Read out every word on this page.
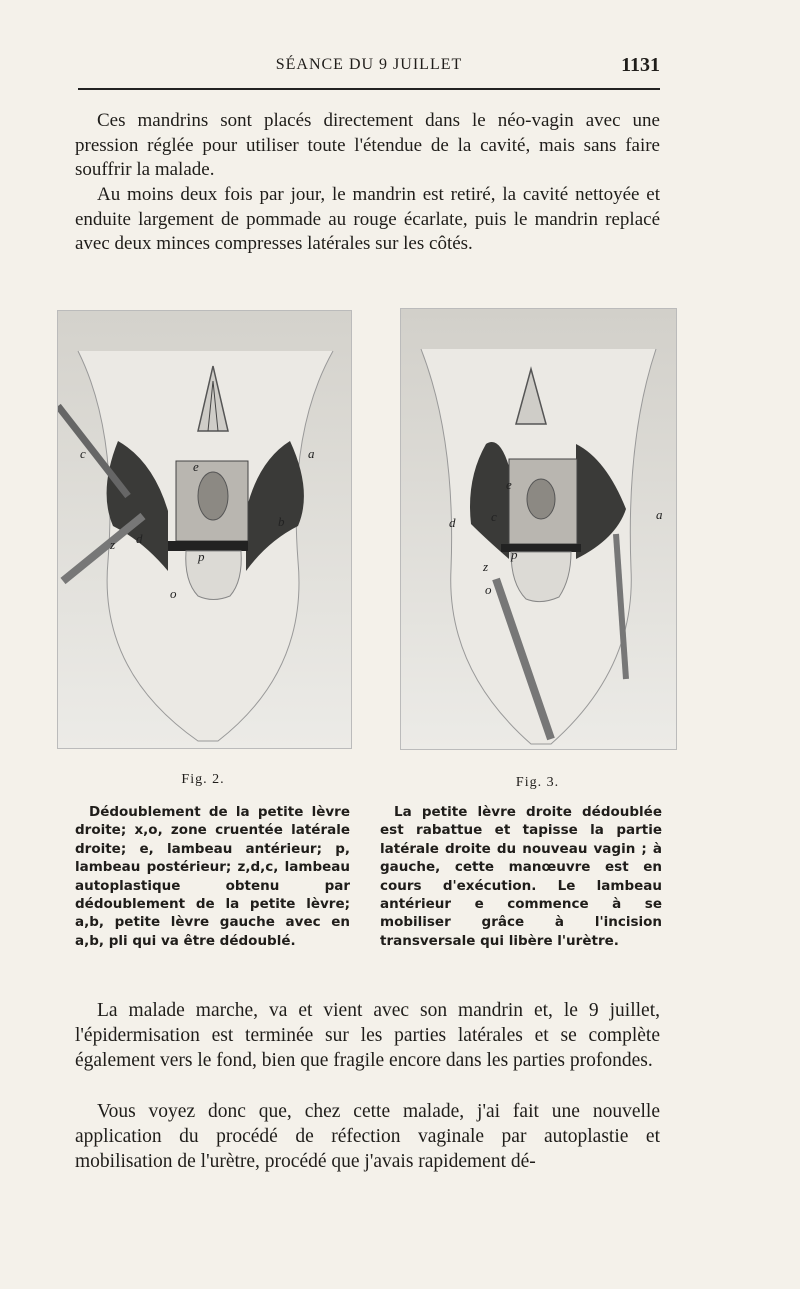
SÉANCE DU 9 JUILLET	1131

Ces mandrins sont placés directement dans le néo-vagin avec une pression réglée pour utiliser toute l'étendue de la cavité, mais sans faire souffrir la malade.

Au moins deux fois par jour, le mandrin est retiré, la cavité nettoyée et enduite largement de pommade au rouge écarlate, puis le mandrin replacé avec deux minces compresses latérales sur les côtés.

c	a
e
b
d
z
p
o
e
d	c	a
p
z
o
Fig. 2.	Fig. 3.

Dédoublement de la petite lèvre droite; x,o, zone cruentée latérale droite; e, lambeau antérieur; p, lambeau postérieur; z,d,c, lambeau autoplastique obtenu par dédoublement de la petite lèvre; a,b, petite lèvre gauche avec en a,b, pli qui va être dédoublé.

La petite lèvre droite dédoublée est rabattue et tapisse la partie latérale droite du nouveau vagin ; à gauche, cette manœuvre est en cours d'exécution. Le lambeau antérieur e commence à se mobiliser grâce à l'incision transversale qui libère l'urètre.

La malade marche, va et vient avec son mandrin et, le 9 juillet, l'épidermisation est terminée sur les parties latérales et se complète également vers le fond, bien que fragile encore dans les parties profondes.

Vous voyez donc que, chez cette malade, j'ai fait une nouvelle application du procédé de réfection vaginale par autoplastie et mobilisation de l'urètre, procédé que j'avais rapidement dé-
